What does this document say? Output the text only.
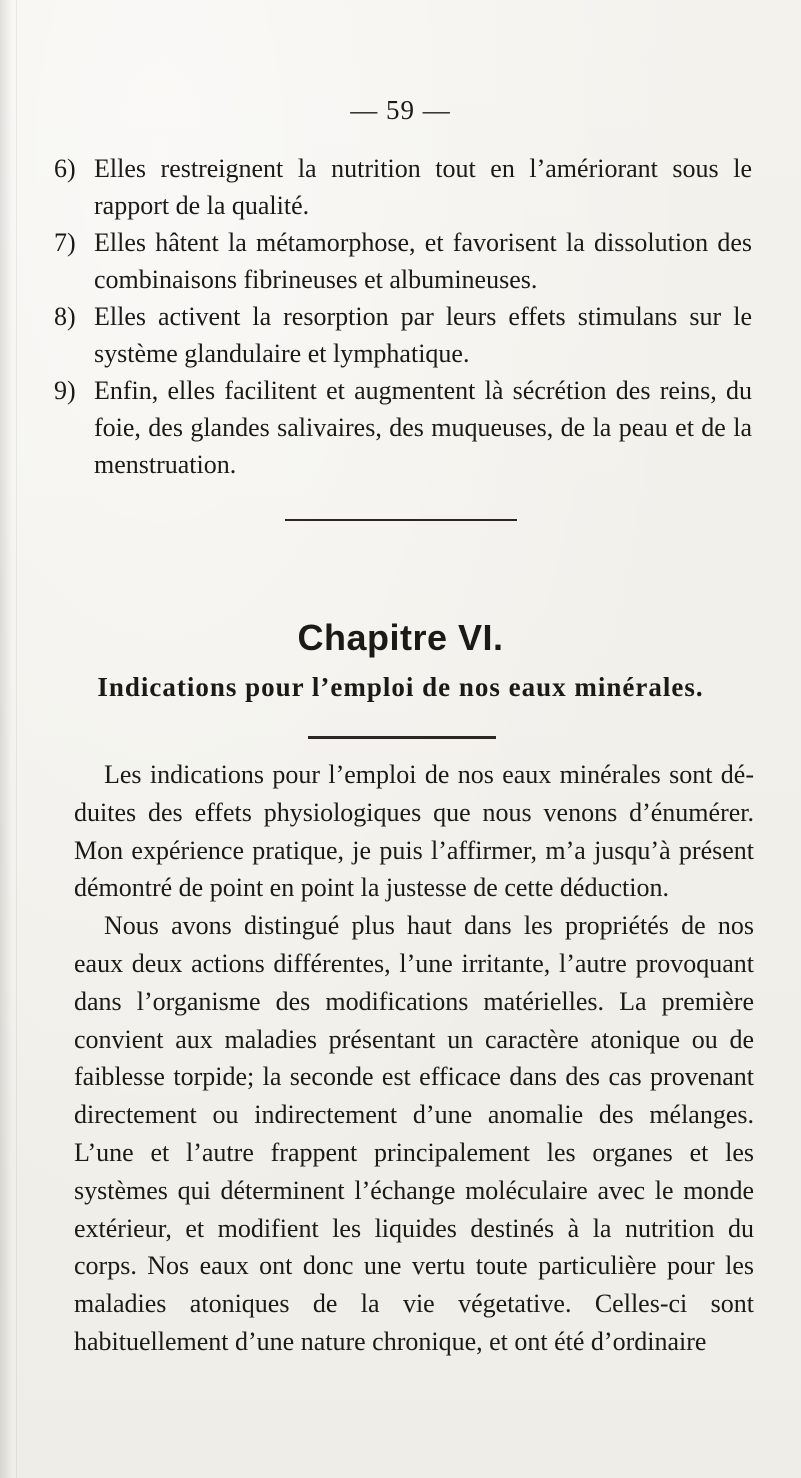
— 59 —

6) Elles restreignent la nutrition tout en l’amériorant sous le rapport de la qualité.

7) Elles hâtent la métamorphose, et favorisent la dissolution des combinaisons fibrineuses et albumineuses.

8) Elles activent la resorption par leurs effets stimulans sur le système glandulaire et lymphatique.

9) Enfin, elles facilitent et augmentent là sécrétion des reins, du foie, des glandes salivaires, des muqueuses, de la peau et de la menstruation.

Chapitre VI.
Indications pour l’emploi de nos eaux minérales.

Les indications pour l’emploi de nos eaux minérales sont déduites des effets physiologiques que nous venons d’énumérer. Mon expérience pratique, je puis l’affirmer, m’a jusqu’à présent démontré de point en point la justesse de cette déduction.

Nous avons distingué plus haut dans les propriétés de nos eaux deux actions différentes, l’une irritante, l’autre provoquant dans l’organisme des modifications matérielles. La première convient aux maladies présentant un caractère atonique ou de faiblesse torpide; la seconde est efficace dans des cas provenant directement ou indirectement d’une anomalie des mélanges. L’une et l’autre frappent principalement les organes et les systèmes qui déterminent l’échange moléculaire avec le monde extérieur, et modifient les liquides destinés à la nutrition du corps. Nos eaux ont donc une vertu toute particulière pour les maladies atoniques de la vie végetative. Celles-ci sont habituellement d’une nature chronique, et ont été d’ordinaire
